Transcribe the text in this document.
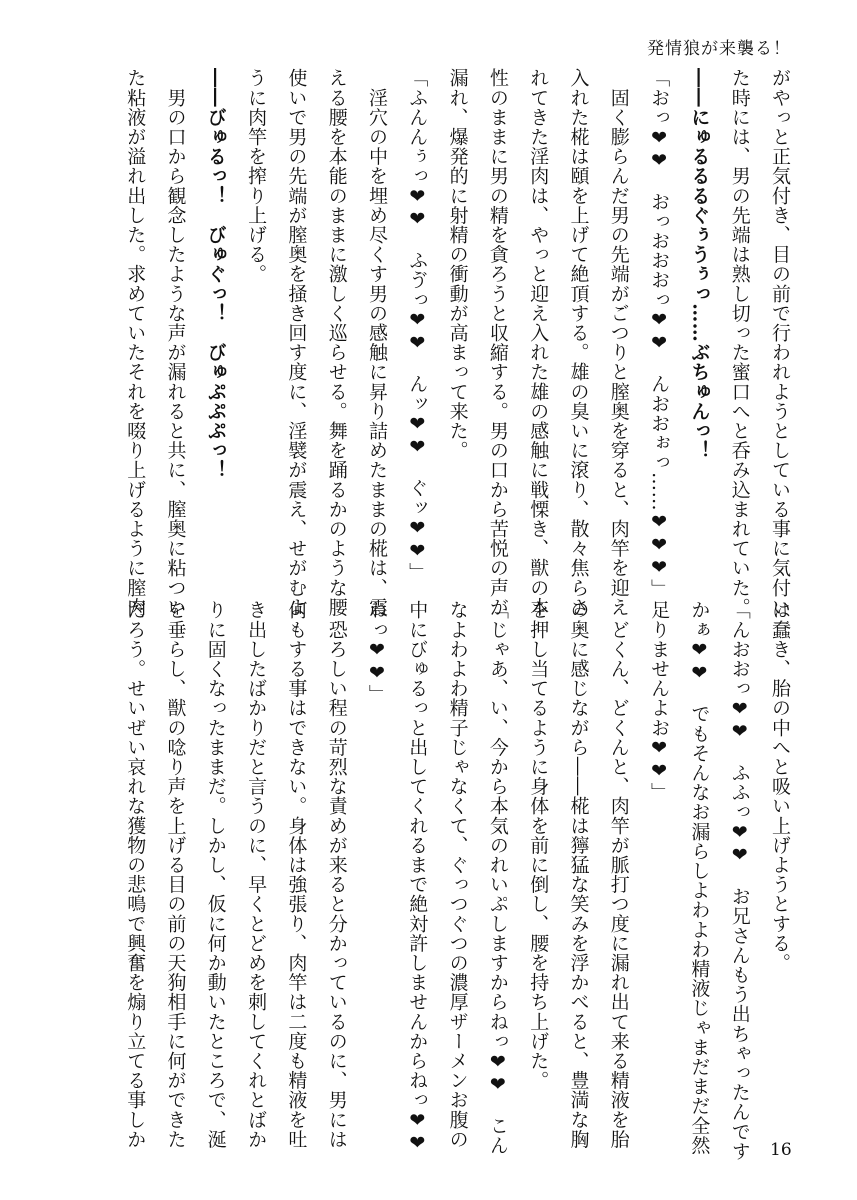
発情狼が来襲る！
がやっと正気付き、目の前で行われようとしている事に気付い
た時には、男の先端は熟し切った蜜口へと呑み込まれていた。
――にゅるるるぐぅうぅっ……ぶちゅんっ！
「おっ❤❤　おっおおおっ❤❤　んおおぉっ……❤❤❤」
　固く膨らんだ男の先端がごつりと膣奥を穿ると、肉竿を迎え
入れた椛は頤を上げて絶頂する。雄の臭いに滾り、散々焦らさ
れてきた淫肉は、やっと迎え入れた雄の感触に戦慄き、獣の本
性のままに男の精を貪ろうと収縮する。男の口から苦悦の声が
漏れ、爆発的に射精の衝動が高まって来た。
「ふんんぅっ❤❤　ふゔっ❤❤　んッ❤❤　ぐッ❤❤」
　淫穴の中を埋め尽くす男の感触に昇り詰めたままの椛は、震
える腰を本能のままに激しく巡らせる。舞を踊るかのような腰
使いで男の先端が膣奥を掻き回す度に、淫襞が震え、せがむよ
うに肉竿を搾り上げる。
――びゅるっ！　びゅぐっ！　びゅぷぷぷっ！
　男の口から観念したような声が漏れると共に、膣奥に粘つい
た粘液が溢れ出した。求めていたそれを啜り上げるように膣肉
は蠢き、胎の中へと吸い上げようとする。
「んおおっ❤❤　ふふっ❤❤　お兄さんもう出ちゃったんです
かぁ❤❤　でもそんなお漏らしよわよわ精液じゃまだまだ全然
足りませんよお❤❤」
　どくん、どくんと、肉竿が脈打つ度に漏れ出て来る精液を胎
の奥に感じながら――椛は獰猛な笑みを浮かべると、豊満な胸
を押し当てるように身体を前に倒し、腰を持ち上げた。
「じゃあ、い、今から本気のれいぷしますからねっ❤❤　こん
なよわよわ精子じゃなくて、ぐっつぐつの濃厚ザーメンお腹の
中にびゅるっと出してくれるまで絶対許しませんからねっ❤❤
ねっ❤❤」
　恐ろしい程の苛烈な責めが来ると分かっているのに、男には
何もする事はできない。身体は強張り、肉竿は二度も精液を吐
き出したばかりだと言うのに、早くとどめを刺してくれとばか
りに固くなったままだ。しかし、仮に何か動いたところで、涎
を垂らし、獣の唸り声を上げる目の前の天狗相手に何ができた
だろう。せいぜい哀れな獲物の悲鳴で興奮を煽り立てる事しか
16
